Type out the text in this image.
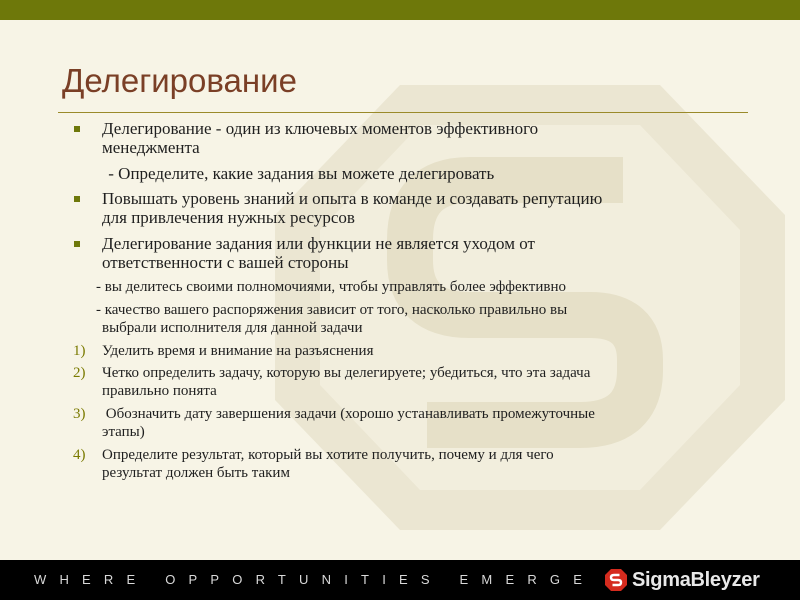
Делегирование
Делегирование - один из ключевых моментов эффективного
менеджмента
- Определите, какие задания вы можете делегировать
Повышать уровень знаний и опыта в команде и создавать репутацию
для привлечения нужных ресурсов
Делегирование задания или функции не является уходом от
ответственности с вашей стороны
- вы делитесь своими полномочиями, чтобы управлять более эффективно
- качество вашего распоряжения зависит от того, насколько правильно вы
выбрали исполнителя для данной задачи
1) Уделить время и внимание на разъяснения
2) Четко определить задачу, которую вы делегируете; убедиться, что эта задача
правильно понята
3) Обозначить дату завершения задачи (хорошо устанавливать промежуточные
этапы)
4) Определите результат, который вы хотите получить, почему и для чего
результат должен быть таким
WHERE OPPORTUNITIES EMERGE SigmaBleyzer
